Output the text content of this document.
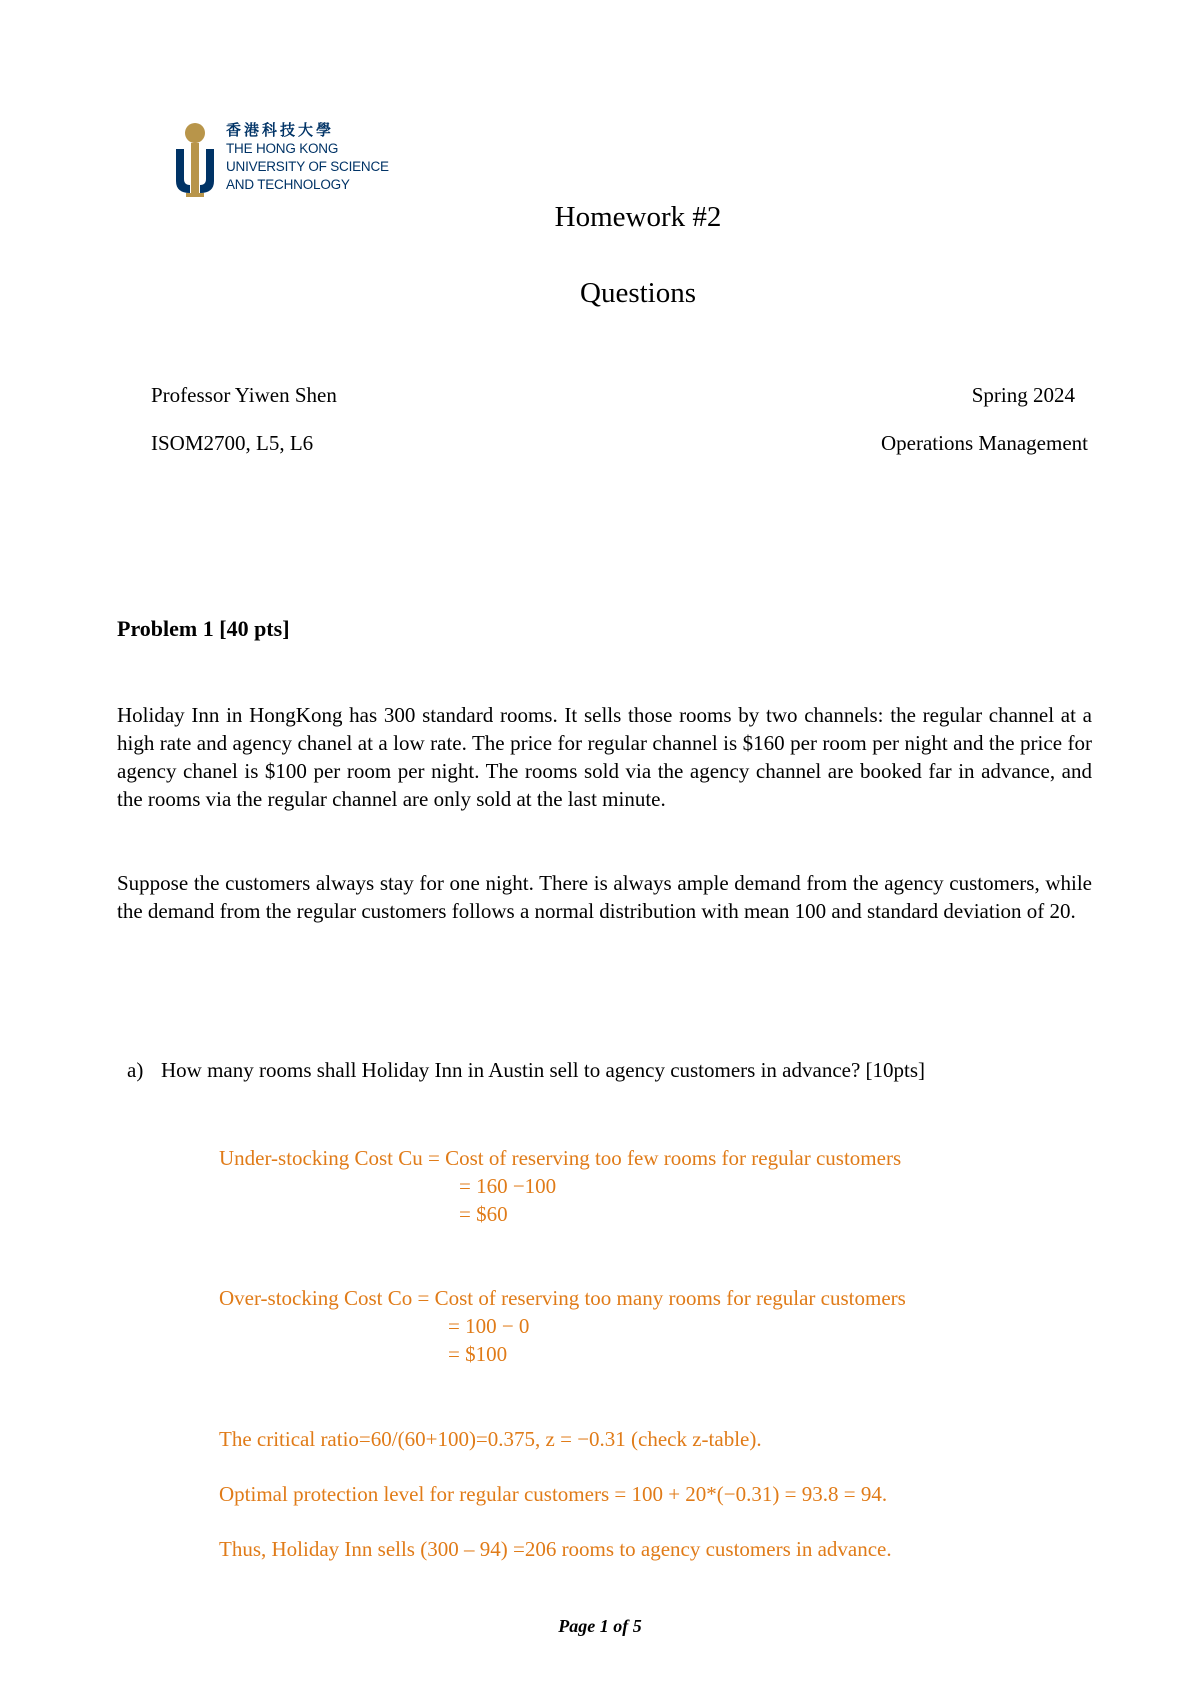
香港科技大學
THE HONG KONG
UNIVERSITY OF SCIENCE
AND TECHNOLOGY
Homework #2
Questions
Professor Yiwen Shen	Spring 2024
ISOM2700, L5, L6	Operations Management
Problem 1 [40 pts]
Holiday Inn in HongKong has 300 standard rooms. It sells those rooms by two channels: the regular channel at a high rate and agency chanel at a low rate. The price for regular channel is $160 per room per night and the price for agency chanel is $100 per room per night. The rooms sold via the agency channel are booked far in advance, and the rooms via the regular channel are only sold at the last minute.
Suppose the customers always stay for one night. There is always ample demand from the agency customers, while the demand from the regular customers follows a normal distribution with mean 100 and standard deviation of 20.
a) How many rooms shall Holiday Inn in Austin sell to agency customers in advance? [10pts]
Under-stocking Cost Cu = Cost of reserving too few rooms for regular customers
= 160 −100
= $60
Over-stocking Cost Co = Cost of reserving too many rooms for regular customers
= 100 − 0
= $100
The critical ratio=60/(60+100)=0.375, z = −0.31 (check z-table).
Optimal protection level for regular customers = 100 + 20*(−0.31) = 93.8 = 94.
Thus, Holiday Inn sells (300 – 94) =206 rooms to agency customers in advance.
Page 1 of 5
